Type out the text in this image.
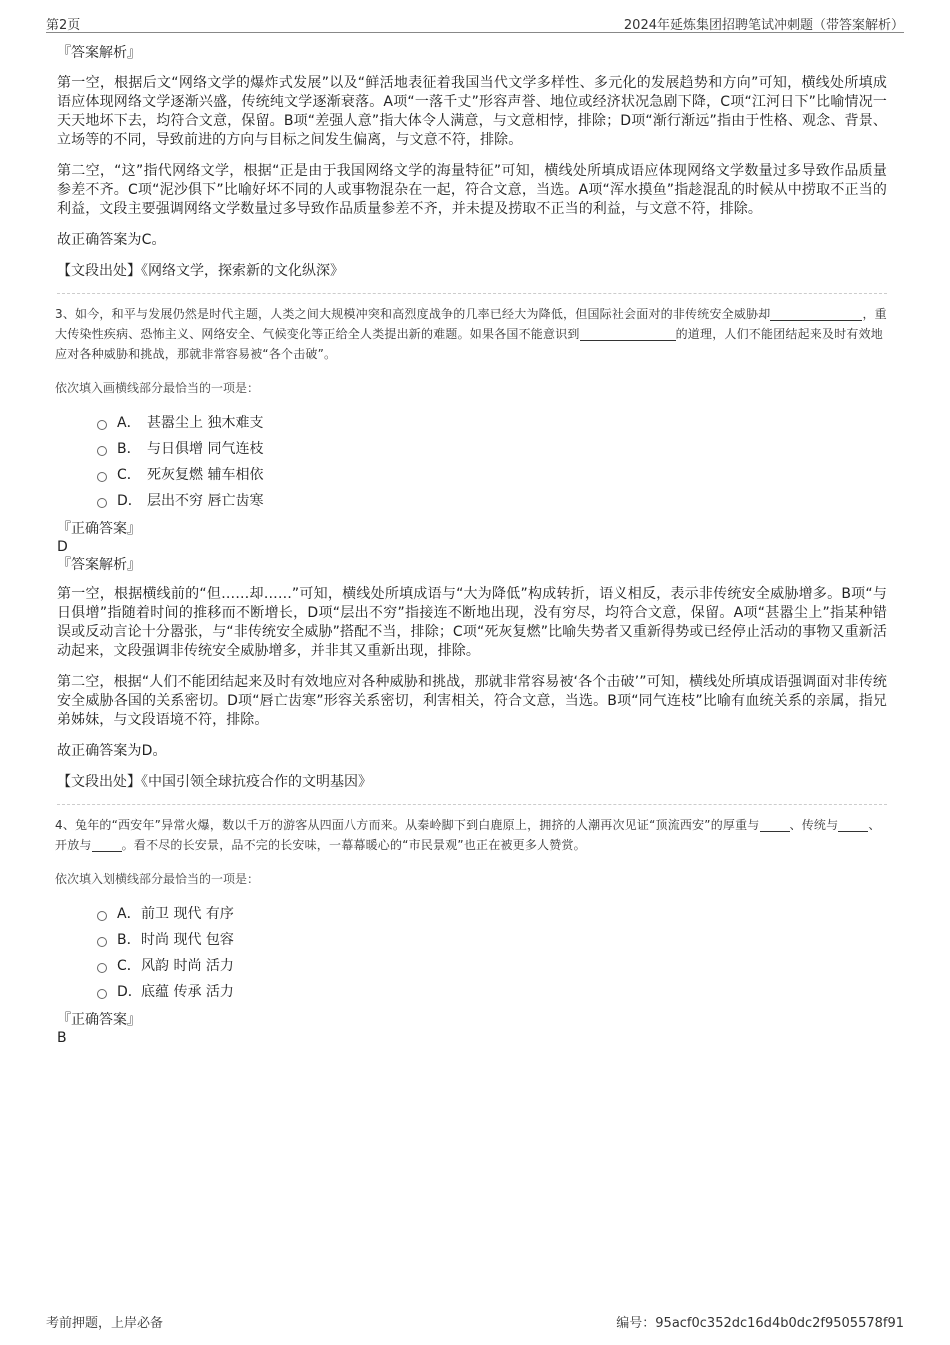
第2页	2024年延炼集团招聘笔试冲刺题（带答案解析）

『答案解析』

第一空，根据后文“网络文学的爆炸式发展”以及“鲜活地表征着我国当代文学多样性、多元化的发展趋势和方向”可知，横线处所填成语应体现网络文学逐渐兴盛，传统纯文学逐渐衰落。A项“一落千丈”形容声誉、地位或经济状况急剧下降，C项“江河日下”比喻情况一天天地坏下去，均符合文意，保留。B项“差强人意”指大体令人满意，与文意相悖，排除；D项“渐行渐远”指由于性格、观念、背景、立场等的不同，导致前进的方向与目标之间发生偏离，与文意不符，排除。

第二空，“这”指代网络文学，根据“正是由于我国网络文学的海量特征”可知，横线处所填成语应体现网络文学数量过多导致作品质量参差不齐。C项“泥沙俱下”比喻好坏不同的人或事物混杂在一起，符合文意，当选。A项“浑水摸鱼”指趁混乱的时候从中捞取不正当的利益，文段主要强调网络文学数量过多导致作品质量参差不齐，并未提及捞取不正当的利益，与文意不符，排除。

故正确答案为C。

【文段出处】《网络文学，探索新的文化纵深》

3、如今，和平与发展仍然是时代主题，人类之间大规模冲突和高烈度战争的几率已经大为降低，但国际社会面对的非传统安全威胁却	，重大传染性疾病、恐怖主义、网络安全、气候变化等正给全人类提出新的难题。如果各国不能意识到	的道理，人们不能团结起来及时有效地应对各种威胁和挑战，那就非常容易被“各个击破”。

依次填入画横线部分最恰当的一项是：

A． 甚嚣尘上 独木难支
B． 与日俱增 同气连枝
C． 死灰复燃 辅车相依
D． 层出不穷 唇亡齿寒

『正确答案』

D

『答案解析』

第一空，根据横线前的“但……却……”可知，横线处所填成语与“大为降低”构成转折，语义相反，表示非传统安全威胁增多。B项“与日俱增”指随着时间的推移而不断增长，D项“层出不穷”指接连不断地出现，没有穷尽，均符合文意，保留。A项“甚嚣尘上”指某种错误或反动言论十分嚣张，与“非传统安全威胁”搭配不当，排除；C项“死灰复燃”比喻失势者又重新得势或已经停止活动的事物又重新活动起来，文段强调非传统安全威胁增多，并非其又重新出现，排除。

第二空，根据“人们不能团结起来及时有效地应对各种威胁和挑战，那就非常容易被‘各个击破’”可知，横线处所填成语强调面对非传统安全威胁各国的关系密切。D项“唇亡齿寒”形容关系密切，利害相关，符合文意，当选。B项“同气连枝”比喻有血统关系的亲属，指兄弟姊妹，与文段语境不符，排除。

故正确答案为D。

【文段出处】《中国引领全球抗疫合作的文明基因》

4、兔年的“西安年”异常火爆，数以千万的游客从四面八方而来。从秦岭脚下到白鹿原上，拥挤的人潮再次见证“顶流西安”的厚重与	、传统与	、开放与	。看不尽的长安景，品不完的长安味，一幕幕暖心的“市民景观”也正在被更多人赞赏。

依次填入划横线部分最恰当的一项是：

A． 前卫 现代 有序
B． 时尚 现代 包容
C． 风韵 时尚 活力
D． 底蕴 传承 活力

『正确答案』

B

考前押题，上岸必备	编号：95acf0c352dc16d4b0dc2f9505578f91
